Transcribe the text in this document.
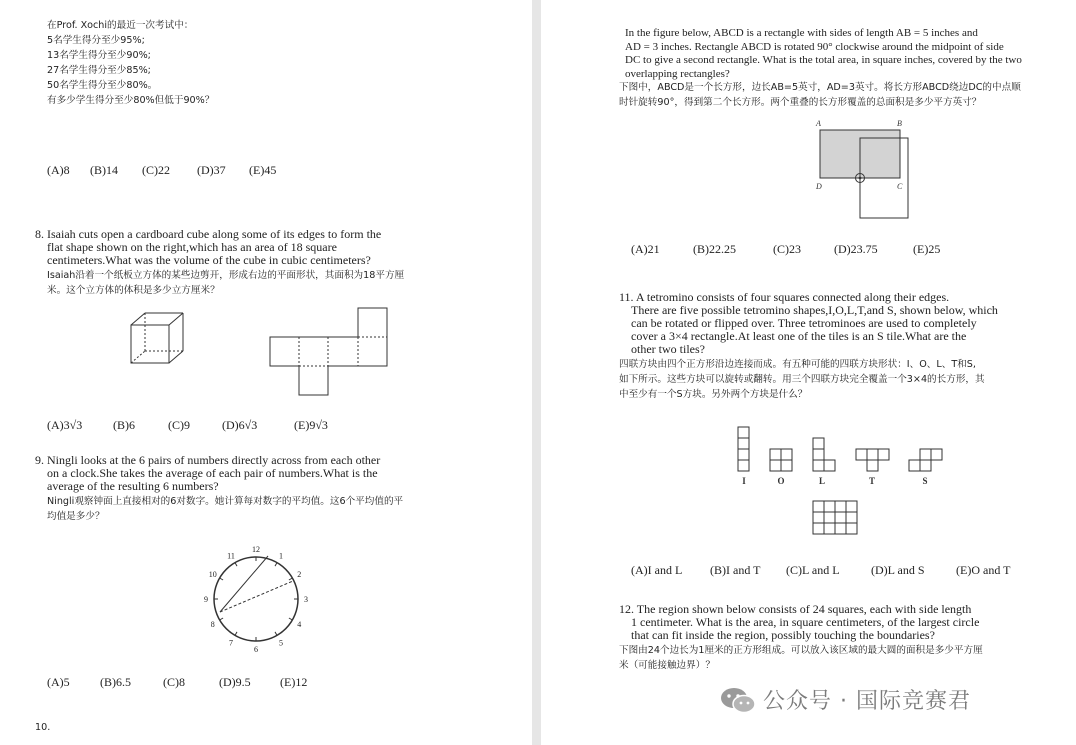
在Prof. Xochi的最近一次考试中：
5名学生得分至少95%;
13名学生得分至少90%;
27名学生得分至少85%;
50名学生得分至少80%。
有多少学生得分至少80%但低于90%？
(A)8 (B)14 (C)22 (D)37 (E)45
8. Isaiah cuts open a cardboard cube along some of its edges to form the
flat shape shown on the right,which has an area of 18 square
centimeters.What was the volume of the cube in cubic centimeters?
Isaiah沿着一个纸板立方体的某些边剪开，形成右边的平面形状，其面积为18平方厘
米。这个立方体的体积是多少立方厘米？
(A)3√3	(B)6	(C)9	(D)6√3	(E)9√3
9. Ningli looks at the 6 pairs of numbers directly across from each other
on a clock.She takes the average of each pair of numbers.What is the
average of the resulting 6 numbers?
Ningli观察钟面上直接相对的6对数字。她计算每对数字的平均值。这6个平均值的平
均值是多少？
12
1
2
3
4
5
6
7
8
9
10
11
(A)5	(B)6.5	(C)8	(D)9.5 (E)12
10.
In the figure below, ABCD is a rectangle with sides of length AB = 5 inches and
AD = 3 inches. Rectangle ABCD is rotated 90° clockwise around the midpoint of side
DC to give a second rectangle. What is the total area, in square inches, covered by the two
overlapping rectangles?
下图中，ABCD是一个长方形，边长AB=5英寸，AD=3英寸。将长方形ABCD绕边DC的中点顺
时针旋转90°，得到第二个长方形。两个重叠的长方形覆盖的总面积是多少平方英寸？
A	B
C
D
(A)21	(B)22.25	(C)23	(D)23.75	(E)25
11. A tetromino consists of four squares connected along their edges.
There are five possible tetromino shapes,I,O,L,T,and S, shown below, which
can be rotated or flipped over. Three tetrominoes are used to completely
cover a 3×4 rectangle.At least one of the tiles is an S tile.What are the
other two tiles?
四联方块由四个正方形沿边连接而成。有五种可能的四联方块形状：I、O、L、T和S,
如下所示。这些方块可以旋转或翻转。用三个四联方块完全覆盖一个3×4的长方形，其
中至少有一个S方块。另外两个方块是什么？
I	O	L	T	S
(A)I and L (B)I and T (C)L and L	(D)L and S	(E)O and T
12. The region shown below consists of 24 squares, each with side length
1 centimeter. What is the area, in square centimeters, of the largest circle
that can fit inside the region, possibly touching the boundaries?
下图由24个边长为1厘米的正方形组成。可以放入该区域的最大圆的面积是多少平方厘
米（可能接触边界）？
公众号 · 国际竞赛君
